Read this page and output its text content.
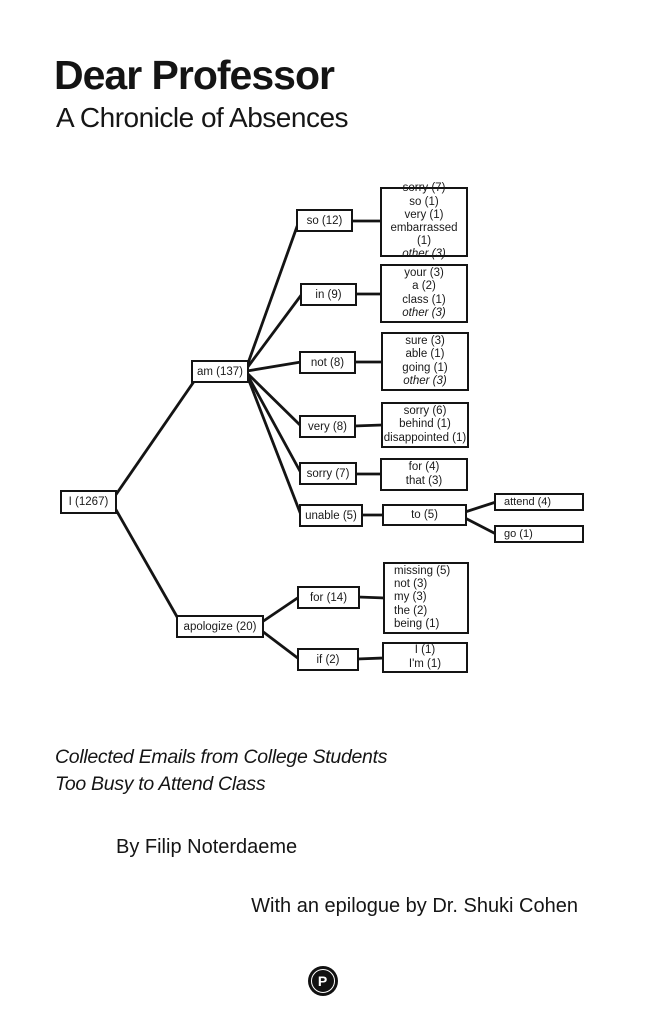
Dear Professor
A Chronicle of Absences
I (1267)
am (137)
so (12)
in (9)
not (8)
very (8)
sorry (7)
unable (5)	to (5)
attend (4)
go (1)
apologize (20)
for (14)
if (2)
sorry (7)
so (1)
very (1)
embarrassed (1)
other (3)
your (3)
a (2)
class (1)
other (3)
sure (3)
able (1)
going (1)
other (3)
sorry (6)
behind (1)
disappointed (1)
for (4)
that (3)
missing (5)
not (3)
my (3)
the (2)
being (1)
I (1)
I'm (1)
Collected Emails from College Students
Too Busy to Attend Class
By Filip Noterdaeme
With an epilogue by Dr. Shuki Cohen
P
